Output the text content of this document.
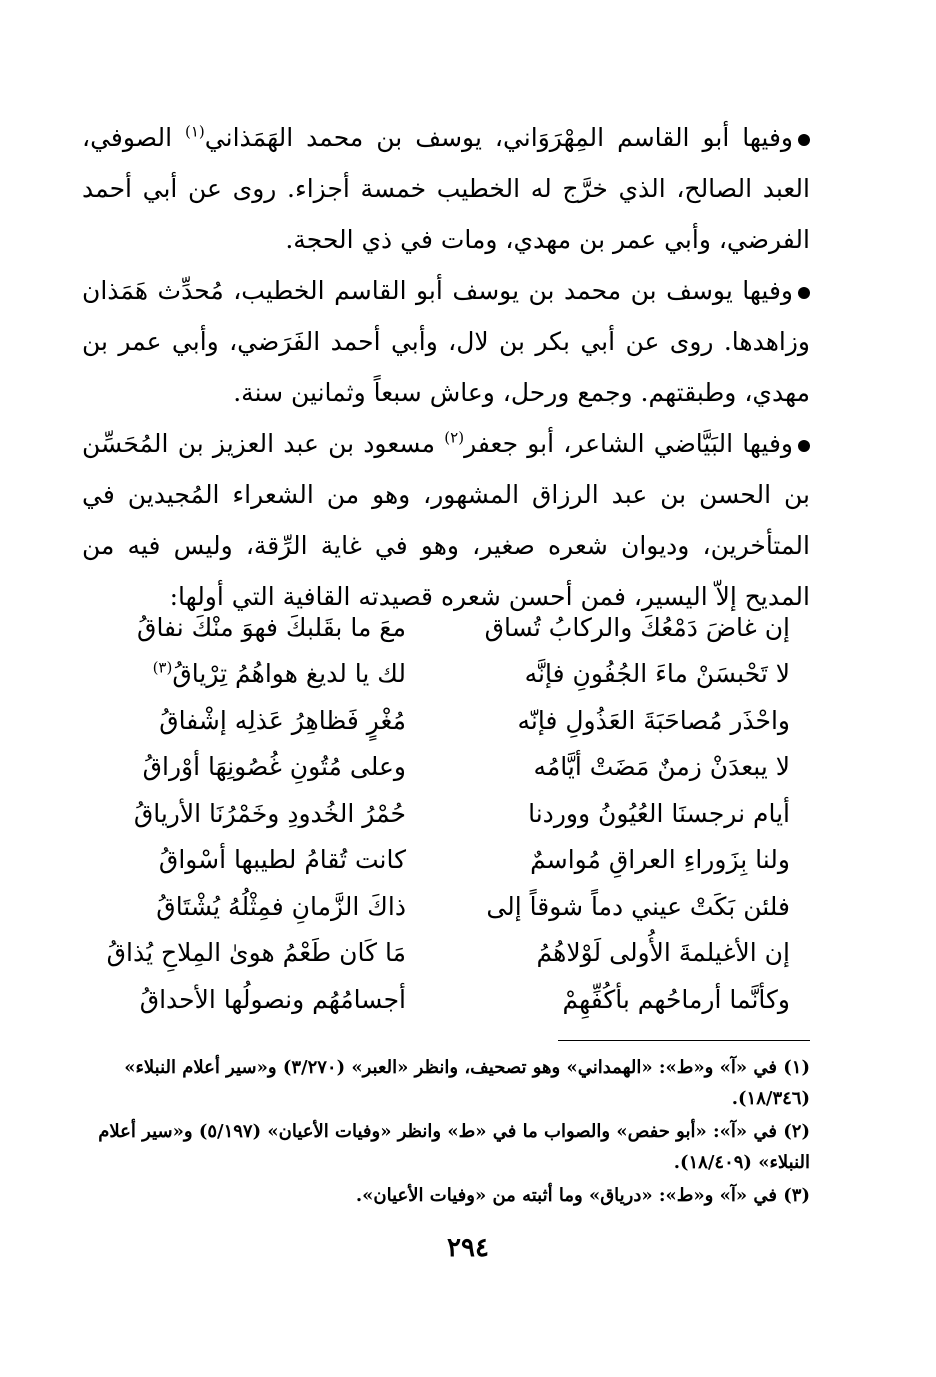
وفيها أبو القاسم المِهْرَوَاني، يوسف بن محمد الهَمَذاني$^{(١)}$ الصوفي، العبد الصالح، الذي خرَّج له الخطيب خمسة أجزاء. روى عن أبي أحمد الفرضي، وأبي عمر بن مهدي، ومات في ذي الحجة.

وفيها يوسف بن محمد بن يوسف أبو القاسم الخطيب، مُحدِّث هَمَذان وزاهدها. روى عن أبي بكر بن لال، وأبي أحمد الفَرَضي، وأبي عمر بن مهدي، وطبقتهم. وجمع ورحل، وعاش سبعاً وثمانين سنة.

وفيها البَيَّاضي الشاعر، أبو جعفر$^{(٢)}$ مسعود بن عبد العزيز بن المُحَسِّن بن الحسن بن عبد الرزاق المشهور، وهو من الشعراء المُجيدين في المتأخرين، وديوان شعره صغير، وهو في غاية الرِّقة، وليس فيه من المديح إلاّ اليسير، فمن أحسن شعره قصيدته القافية التي أولها:

إن غاضَ دَمْعُكَ والركابُ تُساق
معَ ما بقَلبكَ فهوَ منْكَ نفاقُ
لا تَحْبسَنْ ماءَ الجُفُونِ فإنَّه
لك يا لديغ هواهُمُ تِرْياقُ$^{(٣)}$
واحْذَر مُصاحَبَةَ العَذُولِ فإنّه
مُغْرٍ فَظاهِرُ عَذلِه إشْفاقُ
لا يبعدَنْ زمنٌ مَضَتْ أيَّامُه
وعلى مُتُونِ غُصُونِهَا أوْراقُ
أيام نرجسنَا العُيُونُ ووردنا
حُمْرُ الخُدودِ وخَمْرُنَا الأرياقُ
ولنا بِزَوراءِ العراقِ مُواسمٌ
كانت تُقامُ لطيبها أسْواقُ
فلئن بَكَتْ عيني دماً شوقاً إلى
ذاكَ الزَّمانِ فمِثْلُهُ يُشْتَاقُ
إن الأغيلمةَ الأُولى لَوْلاهُمُ
مَا كَان طَعْمُ هوىٰ المِلاحِ يُذاقُ
وكأنَّما أرماحُهم بأكُفِّهِمْ
أجسامُهُم ونصولُها الأحداقُ

(١) في «آ» و«ط»: «الهمداني» وهو تصحيف، وانظر «العبر» (٣/٢٧٠) و«سير أعلام النبلاء» (١٨/٣٤٦).

(٢) في «آ»: «أبو حفص» والصواب ما في «ط» وانظر «وفيات الأعيان» (٥/١٩٧) و«سير أعلام النبلاء» (١٨/٤٠٩).

(٣) في «آ» و«ط»: «درياق» وما أثبته من «وفيات الأعيان».

٢٩٤
